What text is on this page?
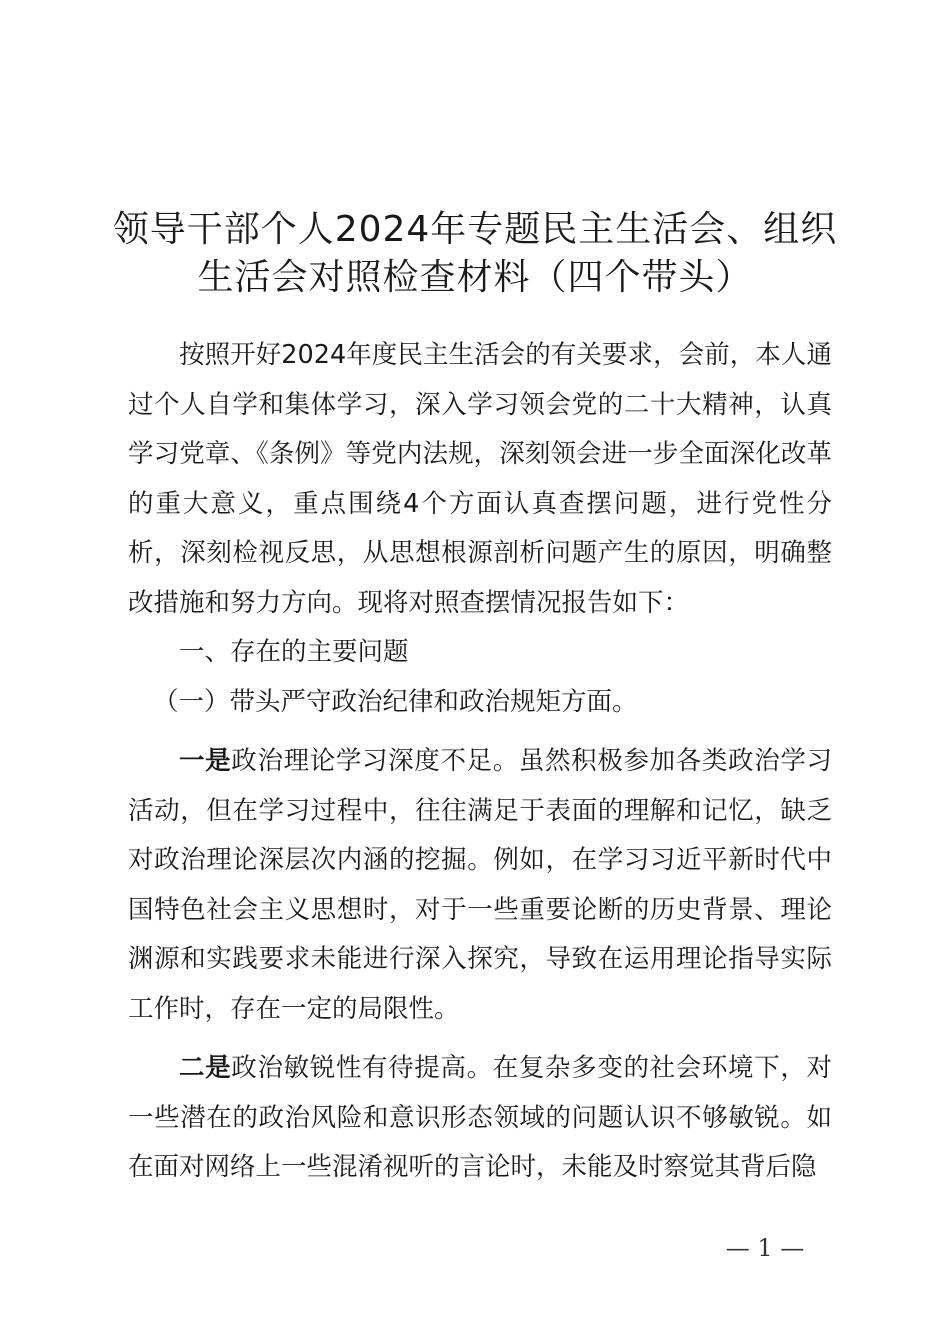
领导干部个人2024年专题民主生活会、组织
生活会对照检查材料（四个带头）

按照开好2024年度民主生活会的有关要求，会前，本人通过个人自学和集体学习，深入学习领会党的二十大精神，认真学习党章、《条例》等党内法规，深刻领会进一步全面深化改革的重大意义，重点围绕4个方面认真查摆问题，进行党性分析，深刻检视反思，从思想根源剖析问题产生的原因，明确整改措施和努力方向。现将对照查摆情况报告如下：

一、存在的主要问题

（一）带头严守政治纪律和政治规矩方面。

一是政治理论学习深度不足。虽然积极参加各类政治学习活动，但在学习过程中，往往满足于表面的理解和记忆，缺乏对政治理论深层次内涵的挖掘。例如，在学习习近平新时代中国特色社会主义思想时，对于一些重要论断的历史背景、理论渊源和实践要求未能进行深入探究，导致在运用理论指导实际工作时，存在一定的局限性。

二是政治敏锐性有待提高。在复杂多变的社会环境下，对一些潜在的政治风险和意识形态领域的问题认识不够敏锐。如在面对网络上一些混淆视听的言论时，未能及时察觉其背后隐

— 1 —
